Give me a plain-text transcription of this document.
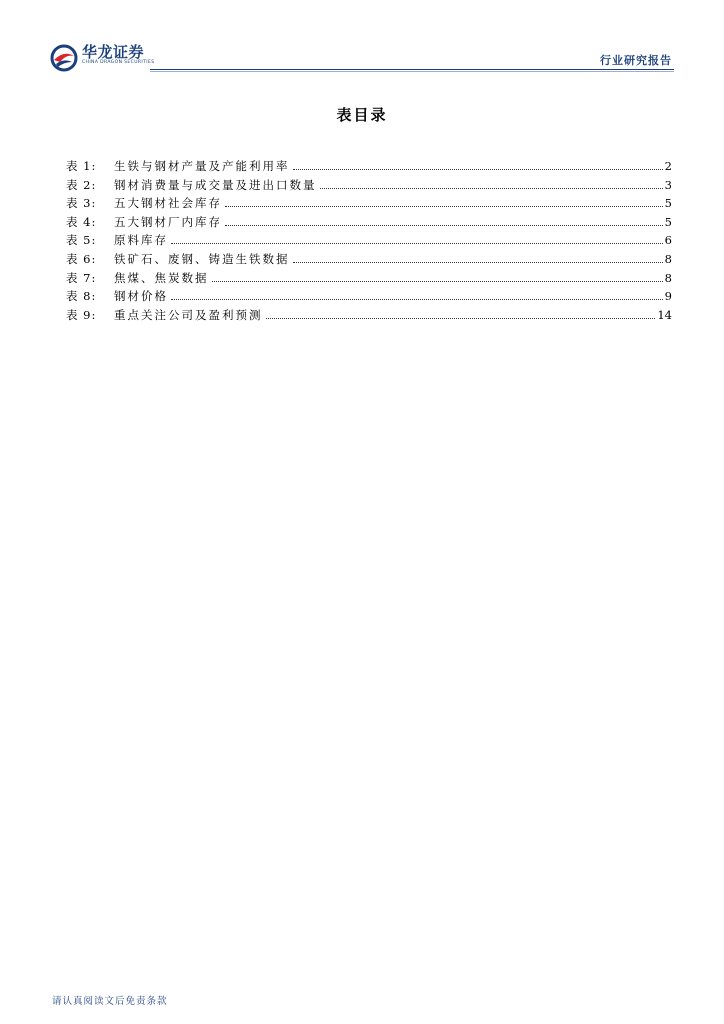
华龙证券
CHINA DRAGON SECURITIES	行业研究报告
表目录
表 1:	生铁与钢材产量及产能利用率	2
表 2:	钢材消费量与成交量及进出口数量	3
表 3:	五大钢材社会库存	5
表 4:	五大钢材厂内库存	5
表 5:	原料库存	6
表 6:	铁矿石、废钢、铸造生铁数据	8
表 7:	焦煤、焦炭数据	8
表 8:	钢材价格	9
表 9:	重点关注公司及盈利预测	14
请认真阅读文后免责条款
